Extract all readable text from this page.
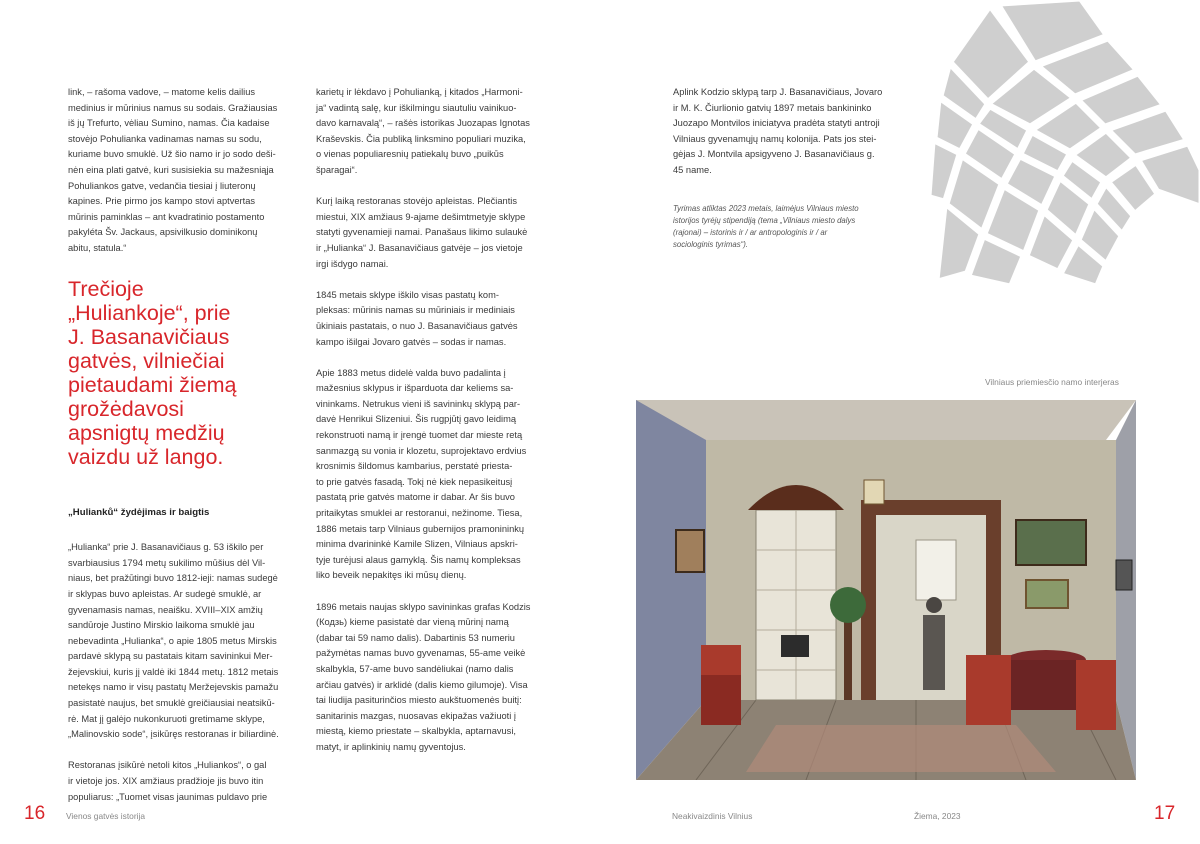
link, – rašoma vadove, – matome kelis dailius
medinius ir mūrinius namus su sodais. Gražiausias
iš jų Trefurto, vėliau Sumino, namas. Čia kadaise
stovėjo Pohulianka vadinamas namas su sodu,
kuriame buvo smuklė. Už šio namo ir jo sodo deši-
nėn eina plati gatvė, kuri susisiekia su mažesniąja
Pohuliankos gatve, vedančia tiesiai į liuteronų
kapines. Prie pirmo jos kampo stovi aptvertas
mūrinis paminklas – ant kvadratinio postamento
pakyléta Šv. Jackaus, apsivilkusio dominikonų
abitu, statula.“

Trečioje
„Huliankoje“, prie
J. Basanavičiaus
gatvės, vilniečiai
pietaudami žiemą
grožėdavosi
apsnigtų medžių
vaizdu už lango.

„Hulianků“ žydėjimas ir baigtis

„Hulianka“ prie J. Basanavičiaus g. 53 iškilo per
svarbiausius 1794 metų sukilimo mūšius dėl Vil-
niaus, bet pražūtingi buvo 1812-ieji: namas sudegė
ir sklypas buvo apleistas. Ar sudegė smuklė, ar
gyvenamasis namas, neaišku. XVIII–XIX amžių
sandūroje Justino Mirskio laikoma smuklė jau
nebevadinta „Hulianka“, o apie 1805 metus Mirskis
pardavė sklypą su pastatais kitam savininkui Mer-
žejevskiui, kuris jį valdė iki 1844 metų. 1812 metais
netekęs namo ir visų pastatų Meržejevskis pamažu
pasistatė naujus, bet smuklė greičiausiai neatsikū-
rė. Mat jį galėjo nukonkuruoti gretimame sklype,
„Malinovskio sode“, įsikūręs restoranas ir biliardinė.

Restoranas įsikūrė netoli kitos „Huliankos“, o gal
ir vietoje jos. XIX amžiaus pradžioje jis buvo itin
populiarus: „Tuomet visas jaunimas puldavo prie

karietų ir lėkdavo į Pohulianką, į kitados „Harmoni-
ja“ vadintą salę, kur iškilmingu siautuliu vainikuo-
davo karnavalą“, – rašės istorikas Juozapas Ignotas
Kraševskis. Čia publiką linksmino populiari muzika,
o vienas populiaresnių patiekalų buvo „puikūs
šparagai“.

Kurį laiką restoranas stovėjo apleistas. Plečiantis
miestui, XIX amžiaus 9-ajame dešimtmetyje sklype
statyti gyvenamieji namai. Panašaus likimo sulaukė
ir „Hulianka“ J. Basanavičiaus gatvėje – jos vietoje
irgi išdygo namai.

1845 metais sklype iškilo visas pastatų kom-
pleksas: mūrinis namas su mūriniais ir mediniais
ūkiniais pastatais, o nuo J. Basanavičiaus gatvės
kampo išilgai Jovaro gatvės – sodas ir namas.

Apie 1883 metus didelė valda buvo padalinta į
mažesnius sklypus ir išparduota dar keliems sa-
vininkams. Netrukus vieni iš savininkų sklypą par-
davė Henrikui Slizeniui. Šis rugpjūtį gavo leidimą
rekonstruoti namą ir įrengė tuomet dar mieste retą
sanmazgą su vonia ir klozetu, suprojektavo erdvius
krosnimis šildomus kambarius, perstatė priesta-
to prie gatvės fasadą. Tokį nė kiek nepasikeitusį
pastatą prie gatvės matome ir dabar. Ar šis buvo
pritaikytas smuklei ar restoranui, nežinome. Tiesa,
1886 metais tarp Vilniaus gubernijos pramonininkų
minima dvarininkė Kamile Slizen, Vilniaus apskri-
tyje turėjusi alaus gamyklą. Šis namų kompleksas
liko beveik nepakitęs iki mūsų dienų.

1896 metais naujas sklypo savininkas grafas Kodzis
(Кодзь) kieme pasistatė dar vieną mūrinį namą
(dabar tai 59 namo dalis). Dabartinis 53 numeriu
pažymėtas namas buvo gyvenamas, 55-ame veikė
skalbykla, 57-ame buvo sandėliukai (namo dalis
arčiau gatvės) ir arklidė (dalis kiemo gilumoje). Visa
tai liudija pasiturinčios miesto aukštuomenės buitį:
sanitarinis mazgas, nuosavas ekipažas važiuoti į
miestą, kiemo priestate – skalbykla, aptarnavusi,
matyt, ir aplinkinių namų gyventojus.

Aplink Kodzio sklypą tarp J. Basanavičiaus, Jovaro
ir M. K. Čiurlionio gatvių 1897 metais bankininko
Juozapo Montvilos iniciatyva pradėta statyti antroji
Vilniaus gyvenamųjų namų kolonija. Pats jos stei-
gėjas J. Montvila apsigyveno J. Basanavičiaus g.
45 name.

Tyrimas atliktas 2023 metais, laimėjus Vilniaus miesto
istorijos tyrėjų stipendiją (tema „Vilniaus miesto dalys
(rajonai) – istorinis ir / ar antropologinis ir / ar
sociologinis tyrimas“).

Vilniaus priemiesčio namo interjeras
16 Vienos gatvės istorija	Neakivaizdinis Vilnius	Žiema, 2023	17
